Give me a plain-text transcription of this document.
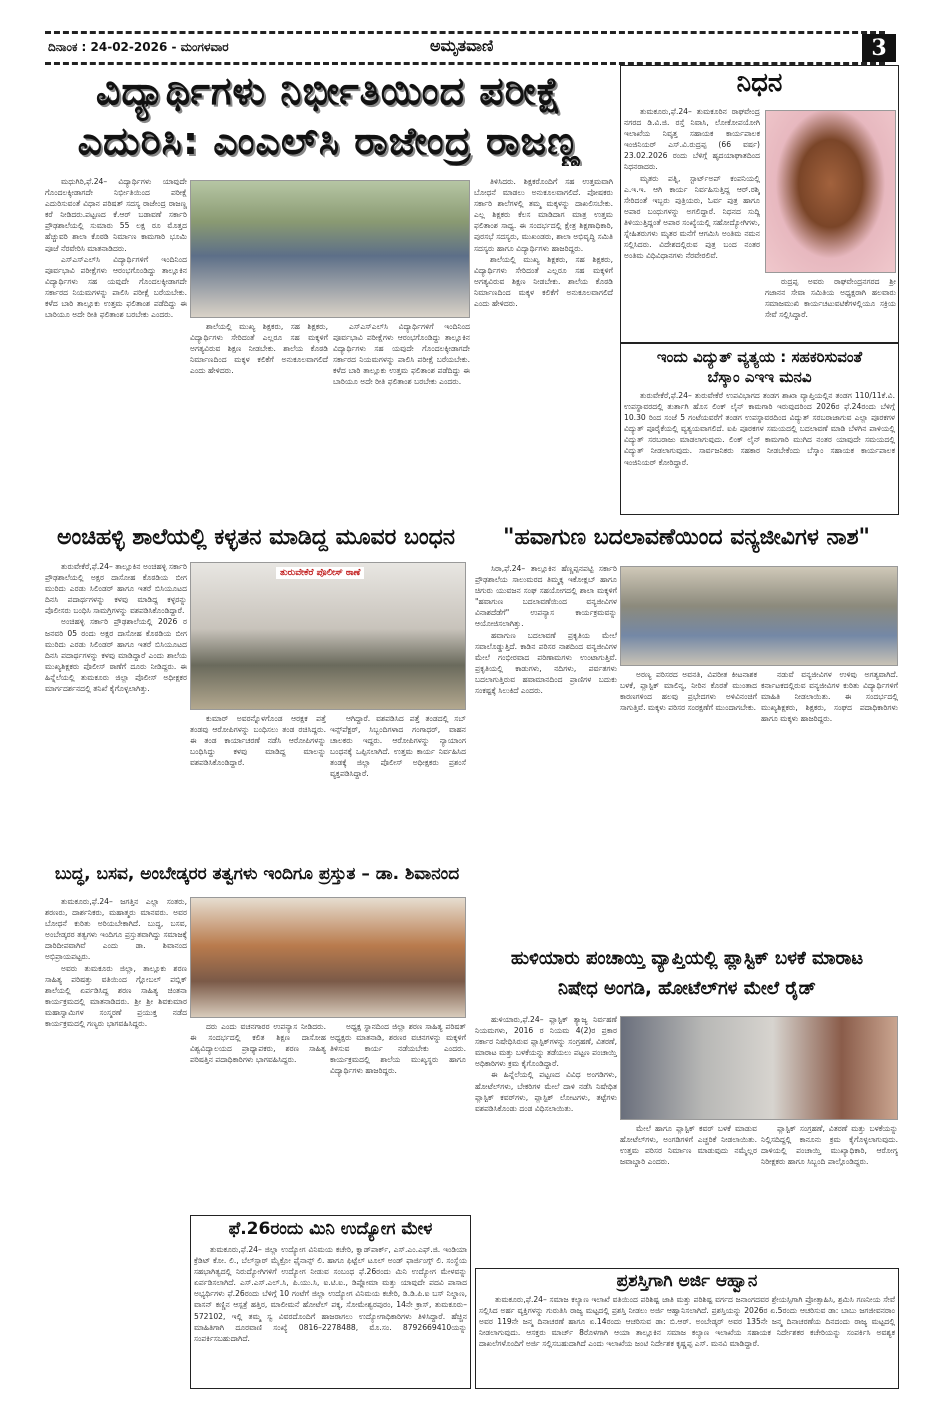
ದಿನಾಂಕ : 24-02-2026 - ಮಂಗಳವಾರ	ಅಮೃತವಾಣಿ	3
ವಿದ್ಯಾರ್ಥಿಗಳು ನಿರ್ಭೀತಿಯಿಂದ ಪರೀಕ್ಷೆ
ಎದುರಿಸಿ: ಎಂಎಲ್‌ಸಿ ರಾಜೇಂದ್ರ ರಾಜಣ್ಣ

ಮಧುಗಿರಿ,ಫೆ.24– ವಿದ್ಯಾರ್ಥಿಗಳು ಯಾವುದೇ ಗೊಂದಲಕ್ಕೀಡಾಗದೇ ನಿರ್ಭೀತಿಯಿಂದ ಪರೀಕ್ಷೆ ಎದುರಿಸುವಂತೆ ವಿಧಾನ ಪರಿಷತ್ ಸದಸ್ಯ ರಾಜೇಂದ್ರ ರಾಜಣ್ಣ ಕರೆ ನೀಡಿದರು.ಪಟ್ಟಣದ ಕೆ.ಆರ್ ಬಡಾವಣೆ ಸರ್ಕಾರಿ ಪ್ರೌಢಶಾಲೆಯಲ್ಲಿ ಸುಮಾರು 55 ಲಕ್ಷ ರೂ ಮೊತ್ತದ ಹೆಚ್ಚುವರಿ ಶಾಲಾ ಕೊಠಡಿ ನಿರ್ಮಾಣ ಕಾಮಗಾರಿ ಭೂಮಿ ಪೂಜೆ ನೆರವೇರಿಸಿ ಮಾತನಾಡಿದರು.

ಎಸ್‌ಎಸ್‌ಎಲ್‌ಸಿ ವಿದ್ಯಾರ್ಥಿಗಳಿಗೆ ಇಂದಿನಿಂದ ಪೂರ್ವಭಾವಿ ಪರೀಕ್ಷೆಗಳು ಆರಂಭಗೊಂಡಿದ್ದು ತಾಲ್ಲೂಕಿನ ವಿದ್ಯಾರ್ಥಿಗಳು ಸಹ ಯವುದೇ ಗೊಂದಲಕ್ಕೀಡಾಗದೇ ಸರ್ಕಾರದ ನಿಯಮಗಳನ್ನು ಪಾಲಿಸಿ ಪರೀಕ್ಷೆ ಬರೆಯಬೇಕು. ಕಳೆದ ಬಾರಿ ತಾಲ್ಲೂಕು ಉತ್ತಮ ಫಲಿತಾಂಶ ಪಡೆದಿದ್ದು ಈ ಬಾರಿಯೂ ಅದೇ ರೀತಿ ಫಲಿತಾಂಶ ಬರಬೇಕು ಎಂದರು.

ಶಾಲೆಯಲ್ಲಿ ಮುಖ್ಯ ಶಿಕ್ಷಕರು, ಸಹ ಶಿಕ್ಷಕರು, ವಿದ್ಯಾರ್ಥಿಗಳು ಸೇರಿದಂತೆ ಎಲ್ಲರೂ ಸಹ ಮಕ್ಕಳಿಗೆ ಅಗತ್ಯವಿರುವ ಶಿಕ್ಷಣ ನೀಡಬೇಕು. ಶಾಲೆಯ ಕೊಠಡಿ ನಿರ್ಮಾಣದಿಂದ ಮಕ್ಕಳ ಕಲಿಕೆಗೆ ಅನುಕೂಲವಾಗಲಿದೆ ಎಂದು ಹೇಳಿದರು.

ಎಸ್‌ಎಸ್‌ಎಲ್‌ಸಿ ವಿದ್ಯಾರ್ಥಿಗಳಿಗೆ ಇಂದಿನಿಂದ ಪೂರ್ವಭಾವಿ ಪರೀಕ್ಷೆಗಳು ಆರಂಭಗೊಂಡಿದ್ದು ತಾಲ್ಲೂಕಿನ ವಿದ್ಯಾರ್ಥಿಗಳು ಸಹ ಯವುದೇ ಗೊಂದಲಕ್ಕೀಡಾಗದೇ ಸರ್ಕಾರದ ನಿಯಮಗಳನ್ನು ಪಾಲಿಸಿ ಪರೀಕ್ಷೆ ಬರೆಯಬೇಕು. ಕಳೆದ ಬಾರಿ ತಾಲ್ಲೂಕು ಉತ್ತಮ ಫಲಿತಾಂಶ ಪಡೆದಿದ್ದು ಈ ಬಾರಿಯೂ ಅದೇ ರೀತಿ ಫಲಿತಾಂಶ ಬರಬೇಕು ಎಂದರು.

ತಿಳಿಸಿದರು. ಶಿಕ್ಷಕರೊಂದಿಗೆ ಸಹ ಉತ್ತಮವಾಗಿ ಬೋಧನೆ ಮಾಡಲು ಅನುಕೂಲವಾಗಲಿದೆ. ಪೋಷಕರು ಸರ್ಕಾರಿ ಶಾಲೆಗಳಲ್ಲಿ ತಮ್ಮ ಮಕ್ಕಳನ್ನು ದಾಖಲಿಸಬೇಕು. ಎಲ್ಲ ಶಿಕ್ಷಕರು ಕೆಲಸ ಮಾಡಿದಾಗ ಮಾತ್ರ ಉತ್ತಮ ಫಲಿತಾಂಶ ಸಾಧ್ಯ. ಈ ಸಂದರ್ಭದಲ್ಲಿ ಕ್ಷೇತ್ರ ಶಿಕ್ಷಣಾಧಿಕಾರಿ, ಪುರಸಭೆ ಸದಸ್ಯರು, ಮುಖಂಡರು, ಶಾಲಾ ಅಭಿವೃದ್ಧಿ ಸಮಿತಿ ಸದಸ್ಯರು ಹಾಗೂ ವಿದ್ಯಾರ್ಥಿಗಳು ಹಾಜರಿದ್ದರು.

ಶಾಲೆಯಲ್ಲಿ ಮುಖ್ಯ ಶಿಕ್ಷಕರು, ಸಹ ಶಿಕ್ಷಕರು, ವಿದ್ಯಾರ್ಥಿಗಳು ಸೇರಿದಂತೆ ಎಲ್ಲರೂ ಸಹ ಮಕ್ಕಳಿಗೆ ಅಗತ್ಯವಿರುವ ಶಿಕ್ಷಣ ನೀಡಬೇಕು. ಶಾಲೆಯ ಕೊಠಡಿ ನಿರ್ಮಾಣದಿಂದ ಮಕ್ಕಳ ಕಲಿಕೆಗೆ ಅನುಕೂಲವಾಗಲಿದೆ ಎಂದು ಹೇಳಿದರು.

ನಿಧನ

ತುಮಕೂರು,ಫೆ.24– ತುಮಕೂರಿನ ರಾಘವೇಂದ್ರ ನಗರದ ಡಿ.ವಿ.ಜಿ. ರಸ್ತೆ ನಿವಾಸಿ, ಲೋಕೋಪಯೋಗಿ ಇಲಾಖೆಯ ನಿವೃತ್ತ ಸಹಾಯಕ ಕಾರ್ಯಪಾಲಕ ಇಂಜಿನಿಯರ್ ಎಸ್.ವಿ.ರುದ್ರಪ್ಪ (66 ವರ್ಷ) 23.02.2026 ರಂದು ಬೆಳಿಗ್ಗೆ ಹೃದಯಾಘಾತದಿಂದ ನಿಧನರಾದರು.

ಮೃತರು ಪತ್ನಿ, ಸ್ಟಾರ್ಟ್‌ಅಪ್ ಕಂಪನಿಯಲ್ಲಿ ಎ.ಇ.ಇ. ಆಗಿ ಕಾರ್ಯ ನಿರ್ವಹಿಸುತ್ತಿದ್ದ ಆರ್.ರಶ್ಮಿ ಸೇರಿದಂತೆ ಇಬ್ಬರು ಪುತ್ರಿಯರು, ಓರ್ವ ಪುತ್ರ ಹಾಗೂ ಅಪಾರ ಬಂಧುಗಳನ್ನು ಅಗಲಿದ್ದಾರೆ. ನಿಧನದ ಸುದ್ದಿ ತಿಳಿಯುತ್ತಿದ್ದಂತೆ ಅಪಾರ ಸಂಖ್ಯೆಯಲ್ಲಿ ಸಹೋದ್ಯೋಗಿಗಳು, ಸ್ನೇಹಿತರುಗಳು ಮೃತರ ಮನೆಗೆ ಆಗಮಿಸಿ ಅಂತಿಮ ನಮನ ಸಲ್ಲಿಸಿದರು. ವಿದೇಶದಲ್ಲಿರುವ ಪುತ್ರ ಬಂದ ನಂತರ ಅಂತಿಮ ವಿಧಿವಿಧಾನಗಳು ನೆರವೇರಲಿವೆ.

ರುದ್ರಪ್ಪ ಅವರು ರಾಘವೇಂದ್ರನಗರದ ಶ್ರೀ ಗಜಾನನ ಸೇವಾ ಸಮಿತಿಯ ಅಧ್ಯಕ್ಷರಾಗಿ ಹಲವಾರು ಸಮಾಜಮುಖಿ ಕಾರ್ಯಚಟುವಟಿಕೆಗಳಲ್ಲಿಯೂ ಸಕ್ರಿಯ ಸೇವೆ ಸಲ್ಲಿಸಿದ್ದಾರೆ.

ಇಂದು ವಿದ್ಯುತ್ ವ್ಯತ್ಯಯ : ಸಹಕರಿಸುವಂತೆ
ಬೆಸ್ಕಾಂ ಎಇಇ ಮನವಿ

ತುರುವೇಕೆರೆ,ಫೆ.24– ತುರುವೇಕೆರೆ ಉಪವಿಭಾಗದ ತಂಡಗ ಶಾಖಾ ವ್ಯಾಪ್ತಿಯಲ್ಲಿನ ತಂಡಗ 110/11ಕೆ.ವಿ. ಉಪಸ್ಥಾವರದಲ್ಲಿ ತುರ್ತಾಗಿ ಹೊಸ ಲಿಂಕ್ ಲೈನ್ ಕಾಮಗಾರಿ ಇರುವುದರಿಂದ 2026ರ ಫೆ.24ರಂದು ಬೆಳಿಗ್ಗೆ 10.30 ರಿಂದ ಸಂಜೆ 5 ಗಂಟೆಯವರೆಗೆ ತಂಡಗ ಉಪಸ್ಥಾವರದಿಂದ ವಿದ್ಯುತ್ ಸರಬರಾಜಾಗುವ ಎಲ್ಲಾ ಪೂರಕಗಳ ವಿದ್ಯುತ್ ಪೂರೈಕೆಯಲ್ಲಿ ವ್ಯತ್ಯಯವಾಗಲಿದೆ. ಐಪಿ ಪೂರಕಗಳ ಸಮಯದಲ್ಲಿ ಬದಲಾವಣೆ ಮಾಡಿ ಬೆಳಗಿನ ಪಾಳಿಯಲ್ಲಿ ವಿದ್ಯುತ್ ಸರಬರಾಜು ಮಾಡಲಾಗುವುದು. ಲಿಂಕ್ ಲೈನ್ ಕಾಮಗಾರಿ ಮುಗಿದ ನಂತರ ಯಾವುದೇ ಸಮಯದಲ್ಲಿ ವಿದ್ಯುತ್ ನೀಡಲಾಗುವುದು. ಸಾರ್ವಜನಿಕರು ಸಹಕಾರ ನೀಡಬೇಕೆಂದು ಬೆಸ್ಕಾಂ ಸಹಾಯಕ ಕಾರ್ಯಪಾಲಕ ಇಂಜಿನಿಯರ್ ಕೋರಿದ್ದಾರೆ.

ಅಂಚಿಹಳ್ಳಿ ಶಾಲೆಯಲ್ಲಿ ಕಳ್ಳತನ ಮಾಡಿದ್ದ ಮೂವರ ಬಂಧನ

ತುರುವೇಕೆರೆ,ಫೆ.24– ತಾಲ್ಲೂಕಿನ ಅಂಚಿಹಳ್ಳಿ ಸರ್ಕಾರಿ ಪ್ರೌಢಶಾಲೆಯಲ್ಲಿ ಅಕ್ಷರ ದಾಸೋಹ ಕೊಠಡಿಯ ಬೀಗ ಮುರಿದು ಎರಡು ಸಿಲಿಂಡರ್ ಹಾಗೂ ಇತರೆ ಬಿಸಿಯೂಟದ ದಿನಸಿ ಪದಾರ್ಥಗಳನ್ನು ಕಳವು ಮಾಡಿದ್ದ ಕಳ್ಳರನ್ನು ಪೊಲೀಸರು ಬಂಧಿಸಿ ಸಾಮಗ್ರಿಗಳನ್ನು ವಶಪಡಿಸಿಕೊಂಡಿದ್ದಾರೆ.

ಅಂಚಿಹಳ್ಳಿ ಸರ್ಕಾರಿ ಪ್ರೌಢಶಾಲೆಯಲ್ಲಿ 2026 ರ ಜನವರಿ 05 ರಂದು ಅಕ್ಷರ ದಾಸೋಹ ಕೊಠಡಿಯ ಬೀಗ ಮುರಿದು ಎರಡು ಸಿಲಿಂಡರ್ ಹಾಗೂ ಇತರೆ ಬಿಸಿಯೂಟದ ದಿನಸಿ ಪದಾರ್ಥಗಳನ್ನು ಕಳವು ಮಾಡಿದ್ದಾರೆ ಎಂದು ಶಾಲೆಯ ಮುಖ್ಯಶಿಕ್ಷಕರು ಪೊಲೀಸ್ ಠಾಣೆಗೆ ದೂರು ನೀಡಿದ್ದರು. ಈ ಹಿನ್ನೆಲೆಯಲ್ಲಿ ತುಮಕೂರು ಜಿಲ್ಲಾ ಪೊಲೀಸ್ ಅಧೀಕ್ಷಕರ ಮಾರ್ಗದರ್ಶನದಲ್ಲಿ ತನಿಖೆ ಕೈಗೊಳ್ಳಲಾಗಿತ್ತು.

ತುರುವೇಕೆರೆ ಪೊಲೀಸ್ ಠಾಣೆ

ಕುಮಾರ್ ಅವರನ್ನೊಳಗೊಂಡ ಆರಕ್ಷಕ ಪತ್ತೆ ತಂಡವು ಆರೋಪಿಗಳನ್ನು ಬಂಧಿಸಲು ತಂಡ ರಚಿಸಿದ್ದರು. ಈ ತಂಡ ಕಾರ್ಯಾಚರಣೆ ನಡೆಸಿ ಆರೋಪಿಗಳನ್ನು ಬಂಧಿಸಿದ್ದು ಕಳವು ಮಾಡಿದ್ದ ಮಾಲನ್ನು ವಶಪಡಿಸಿಕೊಂಡಿದ್ದಾರೆ.

ಆಗಿದ್ದಾರೆ. ವಶಪಡಿಸಿದ ಪತ್ತೆ ತಂಡದಲ್ಲಿ ಸಬ್ ಇನ್ಸ್‌ಪೆಕ್ಟರ್, ಸಿಬ್ಬಂದಿಗಳಾದ ಗಂಗಾಧರ್, ವಾಹನ ಚಾಲಕರು ಇದ್ದರು. ಆರೋಪಿಗಳನ್ನು ನ್ಯಾಯಾಂಗ ಬಂಧನಕ್ಕೆ ಒಪ್ಪಿಸಲಾಗಿದೆ. ಉತ್ತಮ ಕಾರ್ಯ ನಿರ್ವಹಿಸಿದ ತಂಡಕ್ಕೆ ಜಿಲ್ಲಾ ಪೊಲೀಸ್ ಅಧೀಕ್ಷಕರು ಪ್ರಶಂಸೆ ವ್ಯಕ್ತಪಡಿಸಿದ್ದಾರೆ.

"ಹವಾಗುಣ ಬದಲಾವಣೆಯಿಂದ ವನ್ಯಜೀವಿಗಳ ನಾಶ"

ಸಿರಾ,ಫೆ.24– ತಾಲ್ಲೂಕಿನ ಹೆಣ್ಣಪ್ಪನಪಟ್ಟಿ ಸರ್ಕಾರಿ ಪ್ರೌಢಶಾಲೆಯ ಸಾಲುಮರದ ತಿಮ್ಮಕ್ಕ ಇಕೋಕ್ಲಬ್ ಹಾಗೂ ಚಿಗುರು ಯುವಜನ ಸಂಘ ಸಹಯೋಗದಲ್ಲಿ ಶಾಲಾ ಮಕ್ಕಳಿಗೆ "ಹವಾಗುಣ ಬದಲಾವಣೆಯಿಂದ ವನ್ಯಜೀವಿಗಳ ವಿನಾಶದೆಡೆಗೆ" ಉಪನ್ಯಾಸ ಕಾರ್ಯಕ್ರಮವನ್ನು ಆಯೋಜಿಸಲಾಗಿತ್ತು.

ಹವಾಗುಣ ಬದಲಾವಣೆ ಪ್ರಕೃತಿಯ ಮೇಲೆ ಸವಾಲೊಡ್ಡುತ್ತಿದೆ. ಕಾಡಿನ ಪರಿಸರ ನಾಶದಿಂದ ವನ್ಯಜೀವಿಗಳ ಮೇಲೆ ಗಂಭೀರವಾದ ಪರಿಣಾಮಗಳು ಉಂಟಾಗುತ್ತಿವೆ. ಪ್ರಕೃತಿಯಲ್ಲಿ ಕಾಡುಗಳು, ನದಿಗಳು, ಪರ್ವತಗಳು ಬದಲಾಗುತ್ತಿರುವ ಹವಾಮಾನದಿಂದ ಪ್ರಾಣಿಗಳ ಬದುಕು ಸಂಕಷ್ಟಕ್ಕೆ ಸಿಲುಕಿದೆ ಎಂದರು.

ಅರಣ್ಯ ಪರಿಸರದ ಅವನತಿ, ವಿಪರೀತ ಕೀಟನಾಶಕ ಬಳಕೆ, ಪ್ಲಾಸ್ಟಿಕ್ ಮಾಲಿನ್ಯ, ನೀರಿನ ಕೊರತೆ ಮುಂತಾದ ಕಾರಣಗಳಿಂದ ಹಲವು ಪ್ರಭೇದಗಳು ಅಳಿವಿನಂಚಿಗೆ ಸಾಗುತ್ತಿವೆ. ಮಕ್ಕಳು ಪರಿಸರ ಸಂರಕ್ಷಣೆಗೆ ಮುಂದಾಗಬೇಕು.

ನಡುವೆ ವನ್ಯಜೀವಿಗಳ ಉಳಿವು ಅಗತ್ಯವಾಗಿದೆ. ಕರ್ನಾಟಕದಲ್ಲಿರುವ ವನ್ಯಜೀವಿಗಳ ಕುರಿತು ವಿದ್ಯಾರ್ಥಿಗಳಿಗೆ ಮಾಹಿತಿ ನೀಡಲಾಯಿತು. ಈ ಸಂದರ್ಭದಲ್ಲಿ ಮುಖ್ಯಶಿಕ್ಷಕರು, ಶಿಕ್ಷಕರು, ಸಂಘದ ಪದಾಧಿಕಾರಿಗಳು ಹಾಗೂ ಮಕ್ಕಳು ಹಾಜರಿದ್ದರು.

ಬುದ್ಧ, ಬಸವ, ಅಂಬೇಡ್ಕರರ ತತ್ವಗಳು ಇಂದಿಗೂ ಪ್ರಸ್ತುತ – ಡಾ. ಶಿವಾನಂದ

ತುಮಕೂರು,ಫೆ.24– ಜಗತ್ತಿನ ಎಲ್ಲಾ ಸಂತರು, ಶರಣರು, ದಾರ್ಶನಿಕರು, ಮಹಾತ್ಮರು ಮಾನವರು. ಅವರ ಬೋಧನೆ ಕುರಿತು ಅರಿಯಬೇಕಾಗಿದೆ. ಬುದ್ಧ, ಬಸವ, ಅಂಬೇಡ್ಕರರ ತತ್ವಗಳು ಇಂದಿಗೂ ಪ್ರಸ್ತುತವಾಗಿದ್ದು ಸಮಾಜಕ್ಕೆ ದಾರಿದೀಪವಾಗಿವೆ ಎಂದು ಡಾ. ಶಿವಾನಂದ ಅಭಿಪ್ರಾಯಪಟ್ಟರು.

ಅವರು ತುಮಕೂರು ಜಿಲ್ಲಾ, ತಾಲ್ಲೂಕು ಶರಣ ಸಾಹಿತ್ಯ ಪರಿಷತ್ತು ವತಿಯಿಂದ ಗ್ಲೋಬಲ್ ಪಬ್ಲಿಕ್ ಶಾಲೆಯಲ್ಲಿ ಏರ್ಪಡಿಸಿದ್ದ ಶರಣ ಸಾಹಿತ್ಯ ಚಿಂತನಾ ಕಾರ್ಯಕ್ರಮದಲ್ಲಿ ಮಾತನಾಡಿದರು. ಶ್ರೀ ಶ್ರೀ ಶಿವಕುಮಾರ ಮಹಾಸ್ವಾಮಿಗಳ ಸಂಸ್ಮರಣೆ ಪ್ರಯುಕ್ತ ನಡೆದ ಕಾರ್ಯಕ್ರಮದಲ್ಲಿ ಗಣ್ಯರು ಭಾಗವಹಿಸಿದ್ದರು.	ದರು ಎಂದು ವಚನಗಾರರ ಉಪನ್ಯಾಸ ನೀಡಿದರು. ಈ ಸಂದರ್ಭದಲ್ಲಿ ಕಲಿತ ಶಿಕ್ಷಣ ದಾಸೋಹ ವಿಶ್ವವಿದ್ಯಾಲಯದ ಪ್ರಾಧ್ಯಾಪಕರು, ಶರಣ ಸಾಹಿತ್ಯ ಪರಿಷತ್ತಿನ ಪದಾಧಿಕಾರಿಗಳು ಭಾಗವಹಿಸಿದ್ದರು.

ಅಧ್ಯಕ್ಷ ಸ್ಥಾನದಿಂದ ಜಿಲ್ಲಾ ಶರಣ ಸಾಹಿತ್ಯ ಪರಿಷತ್ ಅಧ್ಯಕ್ಷರು ಮಾತನಾಡಿ, ಶರಣರ ವಚನಗಳನ್ನು ಮಕ್ಕಳಿಗೆ ತಿಳಿಸುವ ಕಾರ್ಯ ನಡೆಯಬೇಕು ಎಂದರು. ಕಾರ್ಯಕ್ರಮದಲ್ಲಿ ಶಾಲೆಯ ಮುಖ್ಯಸ್ಥರು ಹಾಗೂ ವಿದ್ಯಾರ್ಥಿಗಳು ಹಾಜರಿದ್ದರು.

ಫೆ.26ರಂದು ಮಿನಿ ಉದ್ಯೋಗ ಮೇಳ

ತುಮಕೂರು,ಫೆ.24– ಜಿಲ್ಲಾ ಉದ್ಯೋಗ ವಿನಿಮಯ ಕಚೇರಿ, ಕ್ವಾಡ್‌ಪಾರ್ಕ್, ಎಸ್.ಎಂ.ಎಫ್.ಜಿ. ಇಂಡಿಯಾ ಕ್ರೆಡಿಟ್ ಕೋ. ಲಿ., ಬೆಲ್‌ಸ್ಟಾರ್ ಮೈಕ್ರೋ ಫೈನಾನ್ಸ್ ಲಿ. ಹಾಗೂ ಫಿಟ್ಟೆಲ್ ಟೂಲ್ ಅಂಡ್ ಫಾರ್ಜಿಂಗ್ಸ್ ಲಿ. ಸಂಸ್ಥೆಯ ಸಹಭಾಗಿತ್ವದಲ್ಲಿ ನಿರುದ್ಯೋಗಿಗಳಿಗೆ ಉದ್ಯೋಗ ನೀಡುವ ಸಂಬಂಧ ಫೆ.26ರಂದು ಮಿನಿ ಉದ್ಯೋಗ ಮೇಳವನ್ನು ಏರ್ಪಡಿಸಲಾಗಿದೆ. ಎಸ್.ಎಸ್.ಎಲ್.ಸಿ, ಪಿ.ಯು.ಸಿ, ಐ.ಟಿ.ಐ., ಡಿಪ್ಲೋಮಾ ಮತ್ತು ಯಾವುದೇ ಪದವಿ ಪಾಸಾದ ಅಭ್ಯರ್ಥಿಗಳು ಫೆ.26ರಂದು ಬೆಳಿಗ್ಗೆ 10 ಗಂಟೆಗೆ ಜಿಲ್ಲಾ ಉದ್ಯೋಗ ವಿನಿಮಯ ಕಚೇರಿ, ಡಿ.ಡಿ.ಪಿ.ಐ ಬಸ್ ನಿಲ್ದಾಣ, ವಾಸನ್ ಕಣ್ಣಿನ ಆಸ್ಪತ್ರೆ ಹತ್ತಿರ, ಮಾಲೀಮನೆ ಹೋಟೆಲ್ ಪಕ್ಕ, ಸೋಮೇಶ್ವರಪುರಂ, 14ನೇ ಕ್ರಾಸ್, ತುಮಕೂರು–572102, ಇಲ್ಲಿ ತಮ್ಮ ಸ್ವ ವಿವರದೊಂದಿಗೆ ಹಾಜರಾಗಲು ಉದ್ಯೋಗಾಧಿಕಾರಿಗಳು ತಿಳಿಸಿದ್ದಾರೆ. ಹೆಚ್ಚಿನ ಮಾಹಿತಿಗಾಗಿ ದೂರವಾಣಿ ಸಂಖ್ಯೆ 0816–2278488, ಮೊ.ಸಂ. 8792669410ಯನ್ನು ಸಂಪರ್ಕಿಸಬಹುದಾಗಿದೆ.

ಹುಳಿಯಾರು ಪಂಚಾಯ್ತಿ ವ್ಯಾಪ್ತಿಯಲ್ಲಿ ಪ್ಲಾಸ್ಟಿಕ್ ಬಳಕೆ ಮಾರಾಟ
ನಿಷೇಧ ಅಂಗಡಿ, ಹೋಟೆಲ್‌ಗಳ ಮೇಲೆ ರೈಡ್

ಹುಳಿಯಾರು,ಫೆ.24– ಪ್ಲಾಸ್ಟಿಕ್ ತ್ಯಾಜ್ಯ ನಿರ್ವಹಣೆ ನಿಯಮಗಳು, 2016 ರ ನಿಯಮ 4(2)ರ ಪ್ರಕಾರ ಸರ್ಕಾರ ನಿಷೇಧಿಸಿರುವ ಪ್ಲಾಸ್ಟಿಕ್‌ಗಳನ್ನು ಸಂಗ್ರಹಣೆ, ವಿತರಣೆ, ಮಾರಾಟ ಮತ್ತು ಬಳಕೆಯನ್ನು ತಡೆಯಲು ಪಟ್ಟಣ ಪಂಚಾಯ್ತಿ ಅಧಿಕಾರಿಗಳು ಕ್ರಮ ಕೈಗೊಂಡಿದ್ದಾರೆ.

ಈ ಹಿನ್ನೆಲೆಯಲ್ಲಿ ಪಟ್ಟಣದ ವಿವಿಧ ಅಂಗಡಿಗಳು, ಹೋಟೆಲ್‌ಗಳು, ಬೇಕರಿಗಳ ಮೇಲೆ ದಾಳಿ ನಡೆಸಿ ನಿಷೇಧಿತ ಪ್ಲಾಸ್ಟಿಕ್ ಕವರ್‌ಗಳು, ಪ್ಲಾಸ್ಟಿಕ್ ಲೋಟಗಳು, ತಟ್ಟೆಗಳು ವಶಪಡಿಸಿಕೊಂಡು ದಂಡ ವಿಧಿಸಲಾಯಿತು.

ಮೇಲೆ ಹಾಗೂ ಪ್ಲಾಸ್ಟಿಕ್ ಕವರ್ ಬಳಕೆ ಮಾಡುವ ಹೋಟೆಲ್‌ಗಳು, ಅಂಗಡಿಗಳಿಗೆ ಎಚ್ಚರಿಕೆ ನೀಡಲಾಯಿತು. ಉತ್ತಮ ಪರಿಸರ ನಿರ್ಮಾಣ ಮಾಡುವುದು ನಮ್ಮೆಲ್ಲರ ಜವಾಬ್ದಾರಿ ಎಂದರು.

ಪ್ಲಾಸ್ಟಿಕ್ ಸಂಗ್ರಹಣೆ, ವಿತರಣೆ ಮತ್ತು ಬಳಕೆಯನ್ನು ನಿಲ್ಲಿಸದಿದ್ದಲ್ಲಿ ಕಾನೂನು ಕ್ರಮ ಕೈಗೊಳ್ಳಲಾಗುವುದು. ದಾಳಿಯಲ್ಲಿ ಪಂಚಾಯ್ತಿ ಮುಖ್ಯಾಧಿಕಾರಿ, ಆರೋಗ್ಯ ನಿರೀಕ್ಷಕರು ಹಾಗೂ ಸಿಬ್ಬಂದಿ ಪಾಲ್ಗೊಂಡಿದ್ದರು.

ಪ್ರಶಸ್ತಿಗಾಗಿ ಅರ್ಜಿ ಆಹ್ವಾನ

ತುಮಕೂರು,ಫೆ.24– ಸಮಾಜ ಕಲ್ಯಾಣ ಇಲಾಖೆ ವತಿಯಿಂದ ಪರಿಶಿಷ್ಟ ಜಾತಿ ಮತ್ತು ಪರಿಶಿಷ್ಟ ವರ್ಗದ ಜನಾಂಗದವರ ಶ್ರೇಯಸ್ಸಿಗಾಗಿ ಪ್ರೋತ್ಸಾಹಿಸಿ, ಶ್ರಮಿಸಿ ಗಣನೀಯ ಸೇವೆ ಸಲ್ಲಿಸಿದ ಅರ್ಹ ವ್ಯಕ್ತಿಗಳನ್ನು ಗುರುತಿಸಿ ರಾಜ್ಯ ಮಟ್ಟದಲ್ಲಿ ಪ್ರಶಸ್ತಿ ನೀಡಲು ಅರ್ಜಿ ಆಹ್ವಾನಿಸಲಾಗಿದೆ. ಪ್ರಶಸ್ತಿಯನ್ನು 2026ರ ಏ.5ರಂದು ಆಚರಿಸುವ ಡಾ: ಬಾಬು ಜಗಜೀವನರಾಂ ಅವರ 119ನೇ ಜನ್ಮ ದಿನಾಚರಣೆ ಹಾಗೂ ಏ.14ರಂದು ಆಚರಿಸುವ ಡಾ: ಬಿ.ಆರ್. ಅಂಬೇಡ್ಕರ್ ಅವರ 135ನೇ ಜನ್ಮ ದಿನಾಚರಣೆಯ ದಿನದಂದು ರಾಜ್ಯ ಮಟ್ಟದಲ್ಲಿ ನೀಡಲಾಗುವುದು. ಆಸಕ್ತರು ಮಾರ್ಚ್ 8ರೊಳಗಾಗಿ ಆಯಾ ತಾಲ್ಲೂಕಿನ ಸಮಾಜ ಕಲ್ಯಾಣ ಇಲಾಖೆಯ ಸಹಾಯಕ ನಿರ್ದೇಶಕರ ಕಚೇರಿಯನ್ನು ಸಂಪರ್ಕಿಸಿ ಅವಶ್ಯಕ ದಾಖಲೆಗಳೊಂದಿಗೆ ಅರ್ಜಿ ಸಲ್ಲಿಸಬಹುದಾಗಿದೆ ಎಂದು ಇಲಾಖೆಯ ಜಂಟಿ ನಿರ್ದೇಶಕ ಕೃಷ್ಣಪ್ಪ ಎಸ್. ಮನವಿ ಮಾಡಿದ್ದಾರೆ.
